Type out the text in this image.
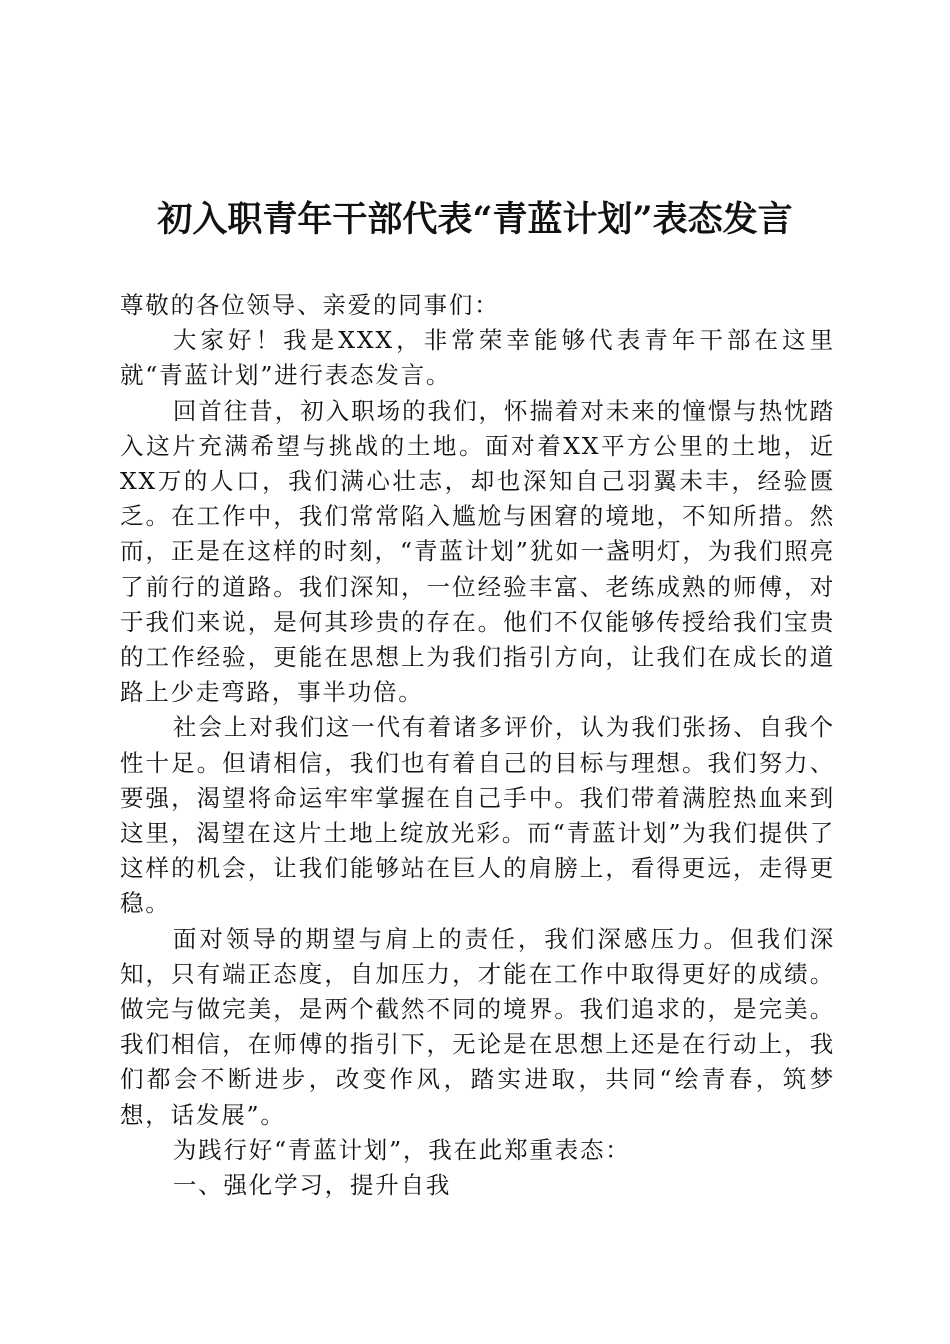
初入职青年干部代表“青蓝计划”表态发言

尊敬的各位领导、亲爱的同事们：

大家好！我是XXX，非常荣幸能够代表青年干部在这里就“青蓝计划”进行表态发言。

回首往昔，初入职场的我们，怀揣着对未来的憧憬与热忱踏入这片充满希望与挑战的土地。面对着XX平方公里的土地，近XX万的人口，我们满心壮志，却也深知自己羽翼未丰，经验匮乏。在工作中，我们常常陷入尴尬与困窘的境地，不知所措。然而，正是在这样的时刻，“青蓝计划”犹如一盏明灯，为我们照亮了前行的道路。我们深知，一位经验丰富、老练成熟的师傅，对于我们来说，是何其珍贵的存在。他们不仅能够传授给我们宝贵的工作经验，更能在思想上为我们指引方向，让我们在成长的道路上少走弯路，事半功倍。

社会上对我们这一代有着诸多评价，认为我们张扬、自我个性十足。但请相信，我们也有着自己的目标与理想。我们努力、要强，渴望将命运牢牢掌握在自己手中。我们带着满腔热血来到这里，渴望在这片土地上绽放光彩。而“青蓝计划”为我们提供了这样的机会，让我们能够站在巨人的肩膀上，看得更远，走得更稳。

面对领导的期望与肩上的责任，我们深感压力。但我们深知，只有端正态度，自加压力，才能在工作中取得更好的成绩。做完与做完美，是两个截然不同的境界。我们追求的，是完美。我们相信，在师傅的指引下，无论是在思想上还是在行动上，我们都会不断进步，改变作风，踏实进取，共同“绘青春，筑梦想，话发展”。

为践行好“青蓝计划”，我在此郑重表态：

一、强化学习，提升自我
